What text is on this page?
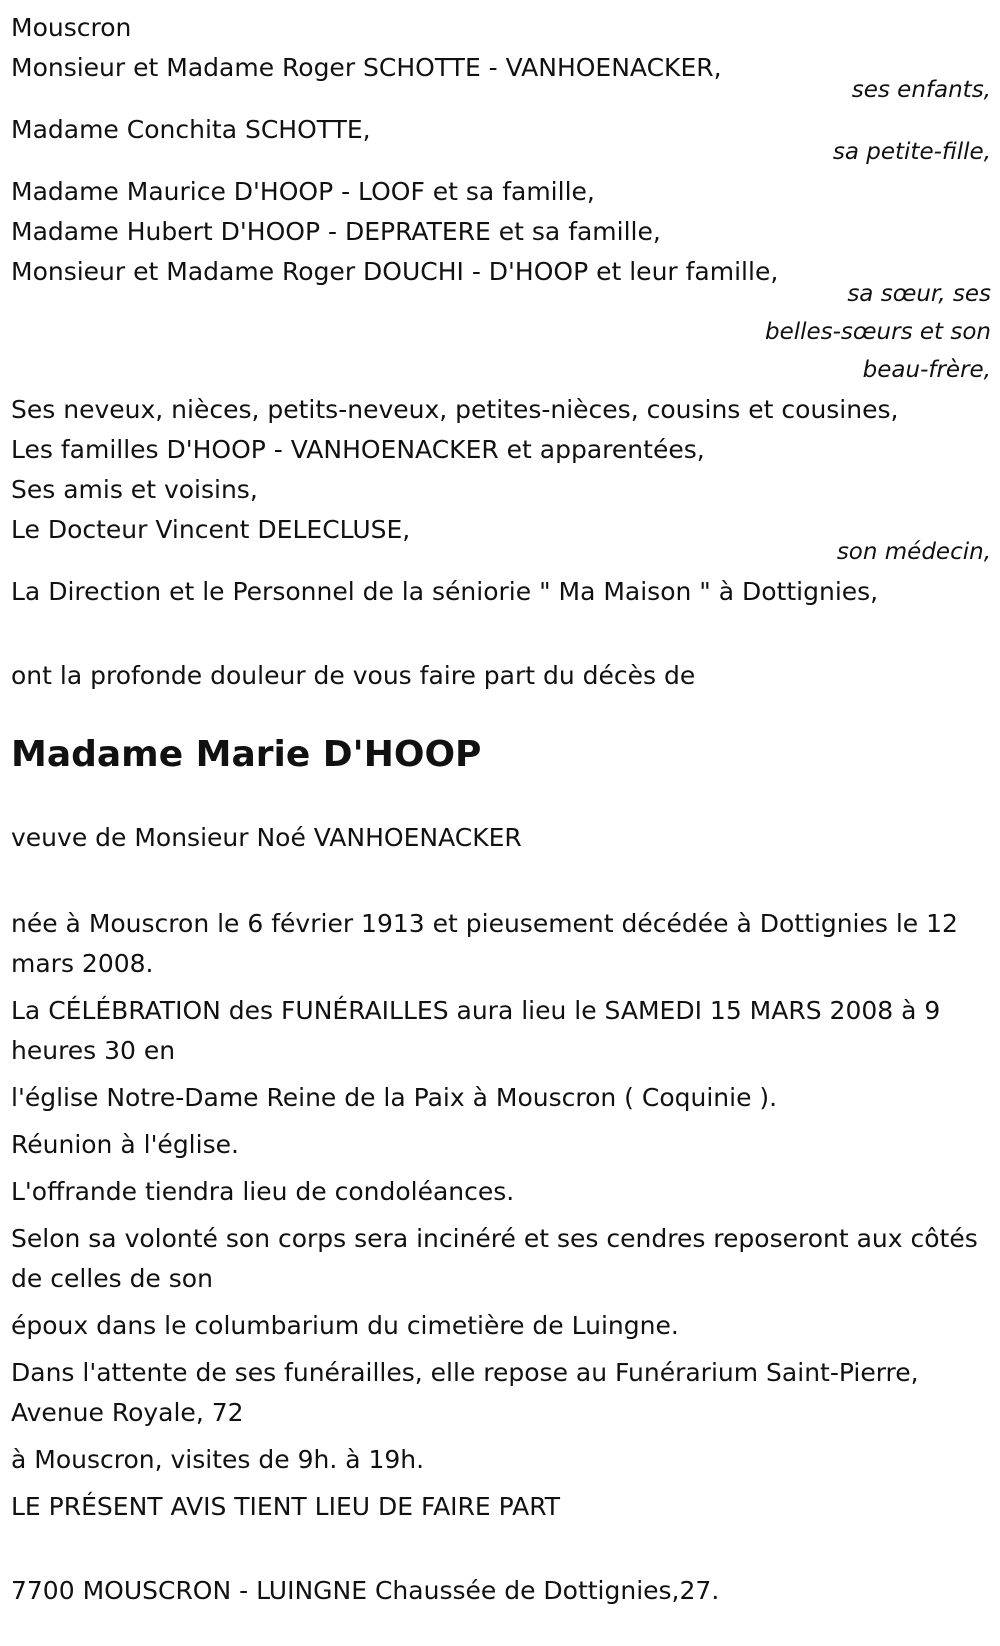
Mouscron
Monsieur et Madame Roger SCHOTTE - VANHOENACKER,
ses enfants,
Madame Conchita SCHOTTE,
sa petite-fille,
Madame Maurice D'HOOP - LOOF et sa famille,
Madame Hubert D'HOOP - DEPRATERE et sa famille,
Monsieur et Madame Roger DOUCHI - D'HOOP et leur famille,
sa sœur, ses
belles-sœurs et son
beau-frère,
Ses neveux, nièces, petits-neveux, petites-nièces, cousins et cousines,
Les familles D'HOOP - VANHOENACKER et apparentées,
Ses amis et voisins,
Le Docteur Vincent DELECLUSE,
son médecin,
La Direction et le Personnel de la séniorie " Ma Maison " à Dottignies,
ont la profonde douleur de vous faire part du décès de
Madame Marie D'HOOP
veuve de Monsieur Noé VANHOENACKER
née à Mouscron le 6 février 1913 et pieusement décédée à Dottignies le 12 mars 2008.
La CÉLÉBRATION des FUNÉRAILLES aura lieu le SAMEDI 15 MARS 2008 à 9 heures 30 en
l'église Notre-Dame Reine de la Paix à Mouscron ( Coquinie ).
Réunion à l'église.
L'offrande tiendra lieu de condoléances.
Selon sa volonté son corps sera incinéré et ses cendres reposeront aux côtés de celles de son
époux dans le columbarium du cimetière de Luingne.
Dans l'attente de ses funérailles, elle repose au Funérarium Saint-Pierre, Avenue Royale, 72
à Mouscron, visites de 9h. à 19h.
LE PRÉSENT AVIS TIENT LIEU DE FAIRE PART
7700 MOUSCRON - LUINGNE Chaussée de Dottignies,27.
